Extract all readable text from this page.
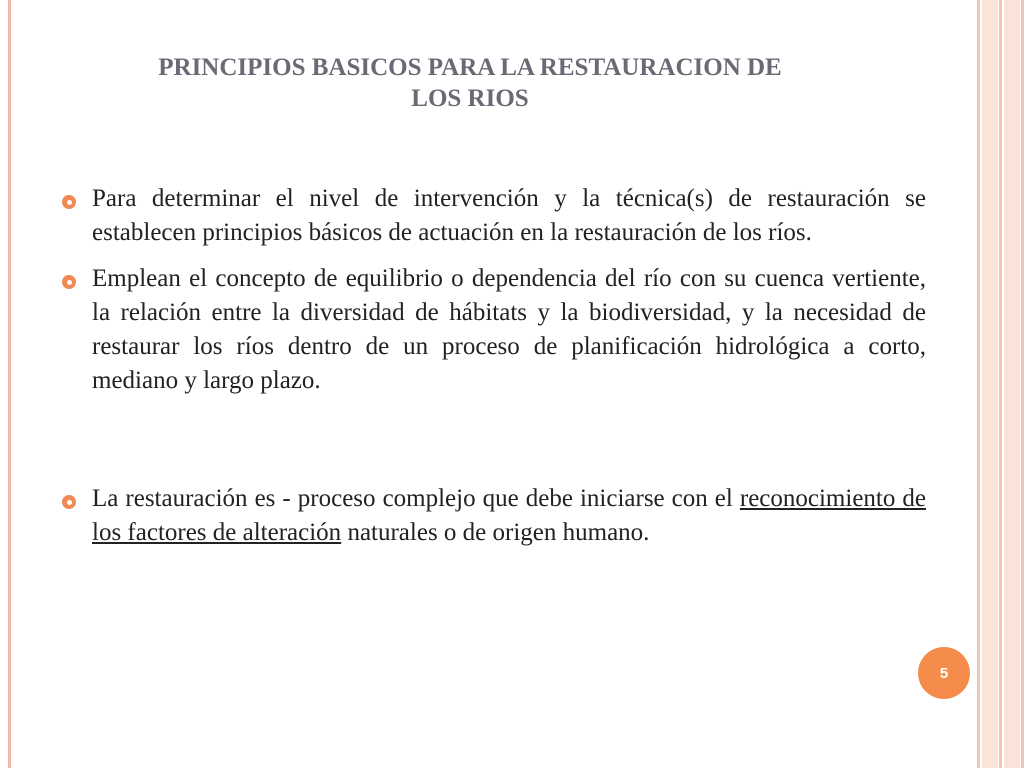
PRINCIPIOS BASICOS PARA LA RESTAURACION DE
LOS RIOS
Para determinar el nivel de intervención y la técnica(s) de restauración se establecen principios básicos de actuación en la restauración de los ríos.
Emplean el concepto de equilibrio o dependencia del río con su cuenca vertiente, la relación entre la diversidad de hábitats y la biodiversidad, y la necesidad de restaurar los ríos dentro de un proceso de planificación hidrológica a corto, mediano y largo plazo.
La restauración es - proceso complejo que debe iniciarse con el reconocimiento de los factores de alteración naturales o de origen humano.
5
